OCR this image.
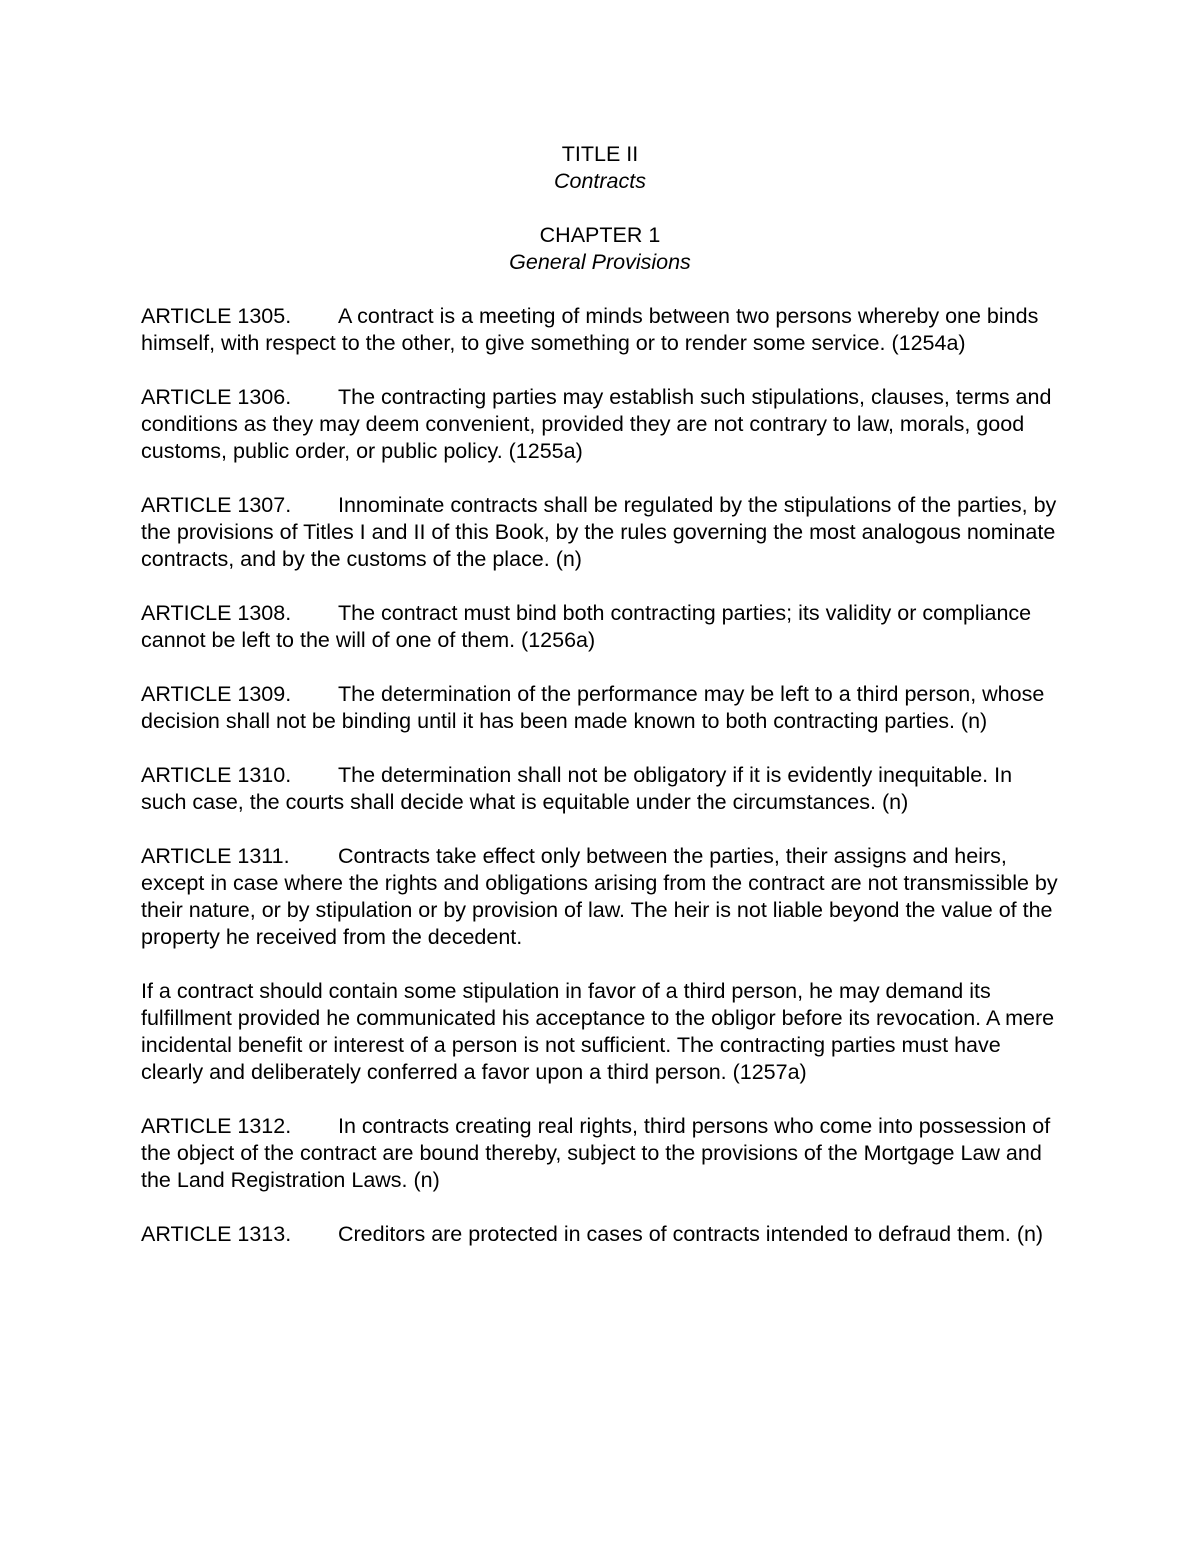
TITLE II

Contracts

CHAPTER 1

General Provisions

ARTICLE 1305. A contract is a meeting of minds between two persons whereby one binds himself, with respect to the other, to give something or to render some service. (1254a)

ARTICLE 1306. The contracting parties may establish such stipulations, clauses, terms and conditions as they may deem convenient, provided they are not contrary to law, morals, good customs, public order, or public policy. (1255a)

ARTICLE 1307. Innominate contracts shall be regulated by the stipulations of the parties, by the provisions of Titles I and II of this Book, by the rules governing the most analogous nominate contracts, and by the customs of the place. (n)

ARTICLE 1308. The contract must bind both contracting parties; its validity or compliance cannot be left to the will of one of them. (1256a)

ARTICLE 1309. The determination of the performance may be left to a third person, whose decision shall not be binding until it has been made known to both contracting parties. (n)

ARTICLE 1310. The determination shall not be obligatory if it is evidently inequitable. In such case, the courts shall decide what is equitable under the circumstances. (n)

ARTICLE 1311. Contracts take effect only between the parties, their assigns and heirs, except in case where the rights and obligations arising from the contract are not transmissible by their nature, or by stipulation or by provision of law. The heir is not liable beyond the value of the property he received from the decedent.

If a contract should contain some stipulation in favor of a third person, he may demand its fulfillment provided he communicated his acceptance to the obligor before its revocation. A mere incidental benefit or interest of a person is not sufficient. The contracting parties must have clearly and deliberately conferred a favor upon a third person. (1257a)

ARTICLE 1312. In contracts creating real rights, third persons who come into possession of the object of the contract are bound thereby, subject to the provisions of the Mortgage Law and the Land Registration Laws. (n)

ARTICLE 1313. Creditors are protected in cases of contracts intended to defraud them. (n)
